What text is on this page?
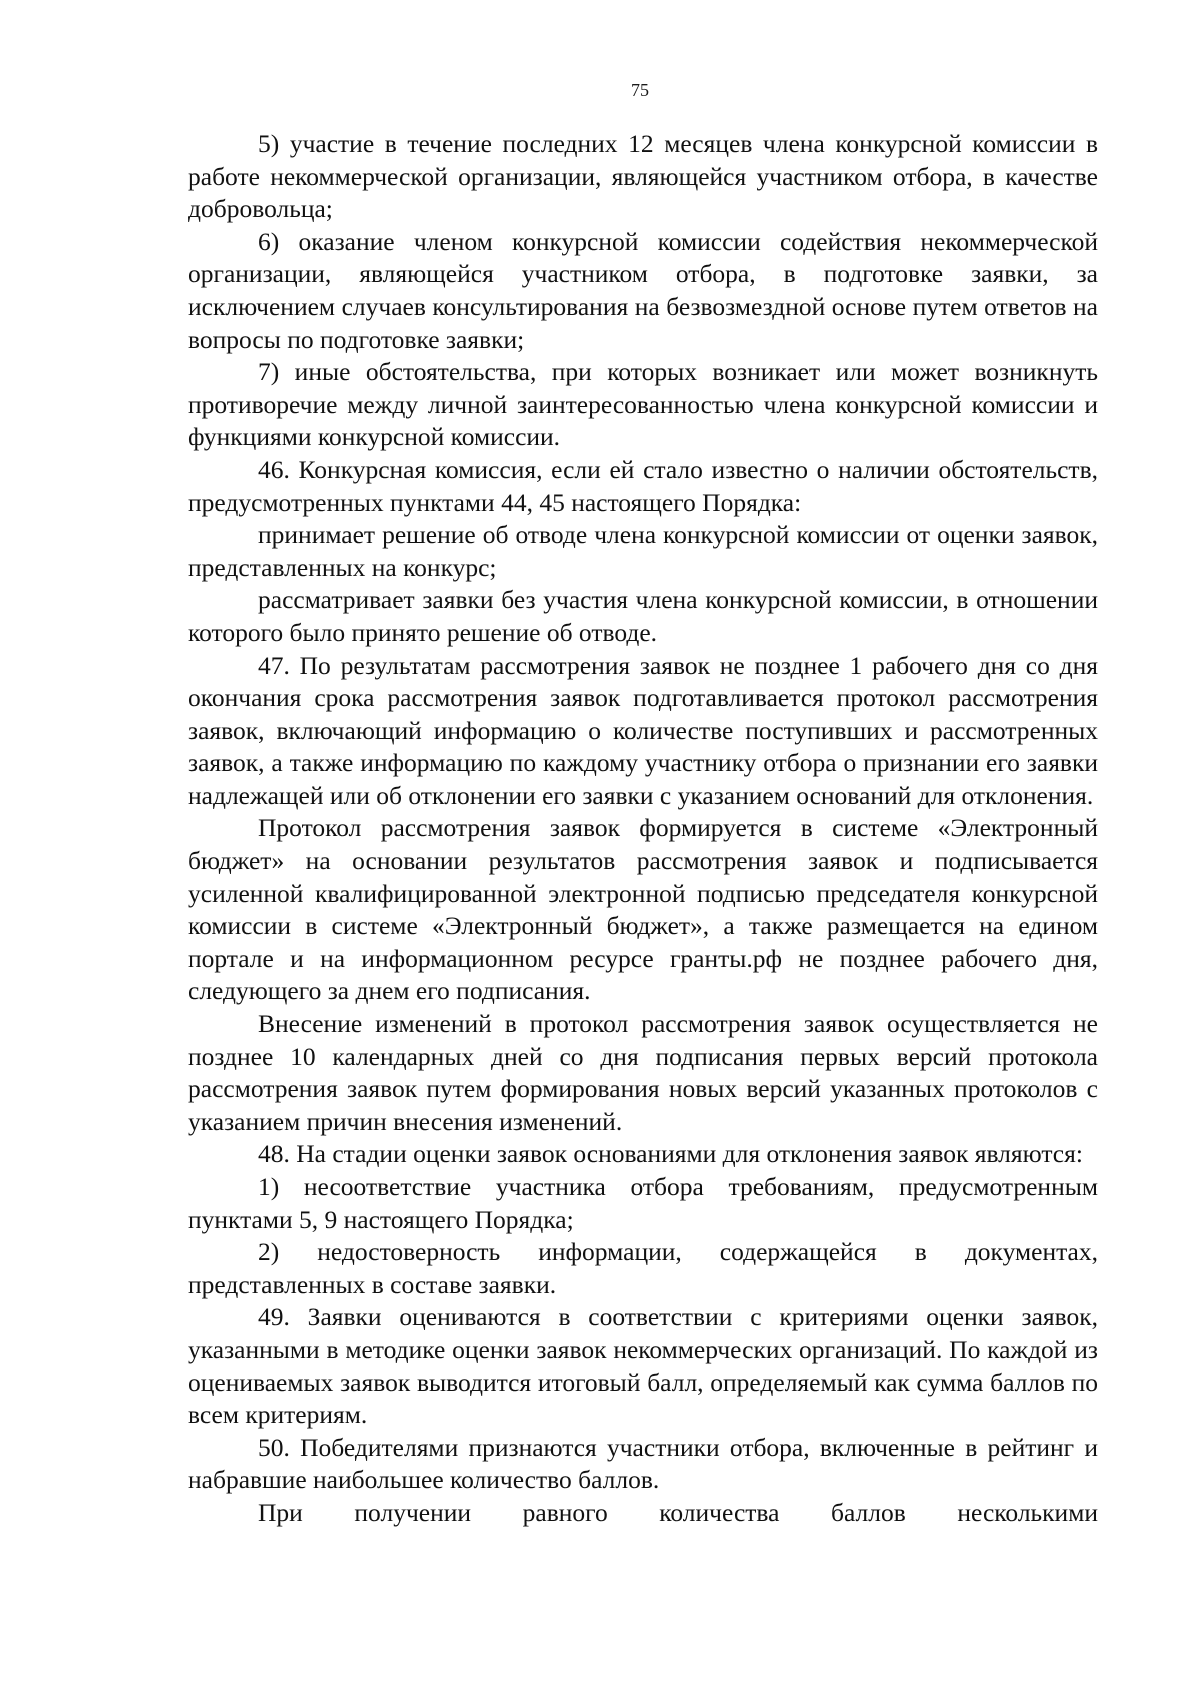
75

5) участие в течение последних 12 месяцев члена конкурсной комиссии в работе некоммерческой организации, являющейся участником отбора, в качестве добровольца;

6) оказание членом конкурсной комиссии содействия некоммерческой организации, являющейся участником отбора, в подготовке заявки, за исключением случаев консультирования на безвозмездной основе путем ответов на вопросы по подготовке заявки;

7) иные обстоятельства, при которых возникает или может возникнуть противоречие между личной заинтересованностью члена конкурсной комиссии и функциями конкурсной комиссии.

46. Конкурсная комиссия, если ей стало известно о наличии обстоятельств, предусмотренных пунктами 44, 45 настоящего Порядка:

принимает решение об отводе члена конкурсной комиссии от оценки заявок, представленных на конкурс;

рассматривает заявки без участия члена конкурсной комиссии, в отношении которого было принято решение об отводе.

47. По результатам рассмотрения заявок не позднее 1 рабочего дня со дня окончания срока рассмотрения заявок подготавливается протокол рассмотрения заявок, включающий информацию о количестве поступивших и рассмотренных заявок, а также информацию по каждому участнику отбора о признании его заявки надлежащей или об отклонении его заявки с указанием оснований для отклонения.

Протокол рассмотрения заявок формируется в системе «Электронный бюджет» на основании результатов рассмотрения заявок и подписывается усиленной квалифицированной электронной подписью председателя конкурсной комиссии в системе «Электронный бюджет», а также размещается на едином портале и на информационном ресурсе гранты.рф не позднее рабочего дня, следующего за днем его подписания.

Внесение изменений в протокол рассмотрения заявок осуществляется не позднее 10 календарных дней со дня подписания первых версий протокола рассмотрения заявок путем формирования новых версий указанных протоколов с указанием причин внесения изменений.

48. На стадии оценки заявок основаниями для отклонения заявок являются:

1) несоответствие участника отбора требованиям, предусмотренным пунктами 5, 9 настоящего Порядка;

2) недостоверность информации, содержащейся в документах, представленных в составе заявки.

49. Заявки оцениваются в соответствии с критериями оценки заявок, указанными в методике оценки заявок некоммерческих организаций. По каждой из оцениваемых заявок выводится итоговый балл, определяемый как сумма баллов по всем критериям.

50. Победителями признаются участники отбора, включенные в рейтинг и набравшие наибольшее количество баллов.

При получении равного количества баллов несколькими
